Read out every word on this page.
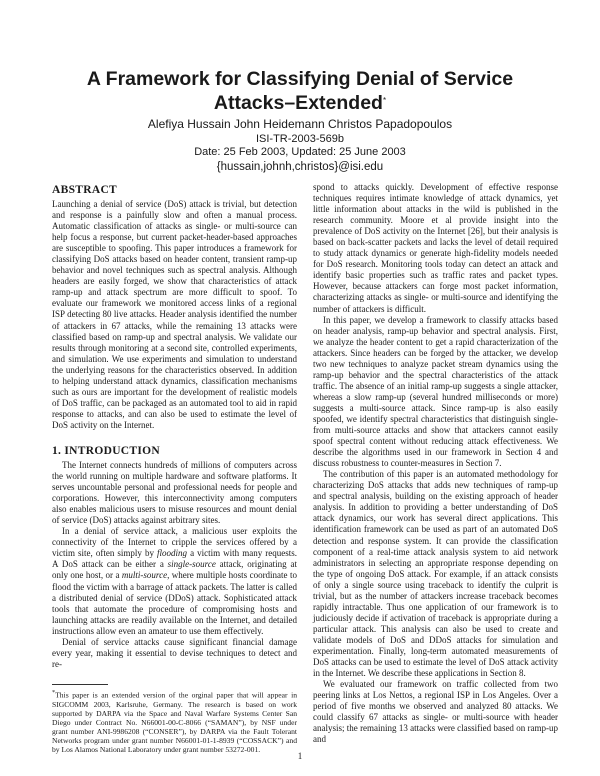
A Framework for Classifying Denial of Service
Attacks–Extended*
Alefiya Hussain John Heidemann Christos Papadopoulos
ISI-TR-2003-569b
Date: 25 Feb 2003, Updated: 25 June 2003
{hussain,johnh,christos}@isi.edu
ABSTRACT

Launching a denial of service (DoS) attack is trivial, but detection and response is a painfully slow and often a manual process. Automatic classification of attacks as single- or multi-source can help focus a response, but current packet-header-based approaches are susceptible to spoofing. This paper introduces a framework for classifying DoS attacks based on header content, transient ramp-up behavior and novel techniques such as spectral analysis. Although headers are easily forged, we show that characteristics of attack ramp-up and attack spectrum are more difficult to spoof. To evaluate our framework we monitored access links of a regional ISP detecting 80 live attacks. Header analysis identified the number of attackers in 67 attacks, while the remaining 13 attacks were classified based on ramp-up and spectral analysis. We validate our results through monitoring at a second site, controlled experiments, and simulation. We use experiments and simulation to understand the underlying reasons for the characteristics observed. In addition to helping understand attack dynamics, classification mechanisms such as ours are important for the development of realistic models of DoS traffic, can be packaged as an automated tool to aid in rapid response to attacks, and can also be used to estimate the level of DoS activity on the Internet.

1. INTRODUCTION

The Internet connects hundreds of millions of computers across the world running on multiple hardware and software platforms. It serves uncountable personal and professional needs for people and corporations. However, this interconnectivity among computers also enables malicious users to misuse resources and mount denial of service (DoS) attacks against arbitrary sites.

In a denial of service attack, a malicious user exploits the connectivity of the Internet to cripple the services offered by a victim site, often simply by flooding a victim with many requests. A DoS attack can be either a single-source attack, originating at only one host, or a multi-source, where multiple hosts coordinate to flood the victim with a barrage of attack packets. The latter is called a distributed denial of service (DDoS) attack. Sophisticated attack tools that automate the procedure of compromising hosts and launching attacks are readily available on the Internet, and detailed instructions allow even an amateur to use them effectively.

Denial of service attacks cause significant financial damage every year, making it essential to devise techniques to detect and re-

*This paper is an extended version of the orginal paper that will appear in SIGCOMM 2003, Karlsruhe, Germany. The research is based on work supported by DARPA via the Space and Naval Warfare Systems Center San Diego under Contract No. N66001-00-C-8066 (“SAMAN”), by NSF under grant number ANI-9986208 (“CONSER”), by DARPA via the Fault Tolerant Networks program under grant number N66001-01-1-8939 (“COSSACK”) and by Los Alamos National Laboratory under grant number 53272-001.

spond to attacks quickly. Development of effective response techniques requires intimate knowledge of attack dynamics, yet little information about attacks in the wild is published in the research community. Moore et al provide insight into the prevalence of DoS activity on the Internet [26], but their analysis is based on back-scatter packets and lacks the level of detail required to study attack dynamics or generate high-fidelity models needed for DoS research. Monitoring tools today can detect an attack and identify basic properties such as traffic rates and packet types. However, because attackers can forge most packet information, characterizing attacks as single- or multi-source and identifying the number of attackers is difficult.

In this paper, we develop a framework to classify attacks based on header analysis, ramp-up behavior and spectral analysis. First, we analyze the header content to get a rapid characterization of the attackers. Since headers can be forged by the attacker, we develop two new techniques to analyze packet stream dynamics using the ramp-up behavior and the spectral characteristics of the attack traffic. The absence of an initial ramp-up suggests a single attacker, whereas a slow ramp-up (several hundred milliseconds or more) suggests a multi-source attack. Since ramp-up is also easily spoofed, we identify spectral characteristics that distinguish single- from multi-source attacks and show that attackers cannot easily spoof spectral content without reducing attack effectiveness. We describe the algorithms used in our framework in Section 4 and discuss robustness to counter-measures in Section 7.

The contribution of this paper is an automated methodology for characterizing DoS attacks that adds new techniques of ramp-up and spectral analysis, building on the existing approach of header analysis. In addition to providing a better understanding of DoS attack dynamics, our work has several direct applications. This identification framework can be used as part of an automated DoS detection and response system. It can provide the classification component of a real-time attack analysis system to aid network administrators in selecting an appropriate response depending on the type of ongoing DoS attack. For example, if an attack consists of only a single source using traceback to identify the culprit is trivial, but as the number of attackers increase traceback becomes rapidly intractable. Thus one application of our framework is to judiciously decide if activation of traceback is appropriate during a particular attack. This analysis can also be used to create and validate models of DoS and DDoS attacks for simulation and experimentation. Finally, long-term automated measurements of DoS attacks can be used to estimate the level of DoS attack activity in the Internet. We describe these applications in Section 8.

We evaluated our framework on traffic collected from two peering links at Los Nettos, a regional ISP in Los Angeles. Over a period of five months we observed and analyzed 80 attacks. We could classify 67 attacks as single- or multi-source with header analysis; the remaining 13 attacks were classified based on ramp-up and

1
